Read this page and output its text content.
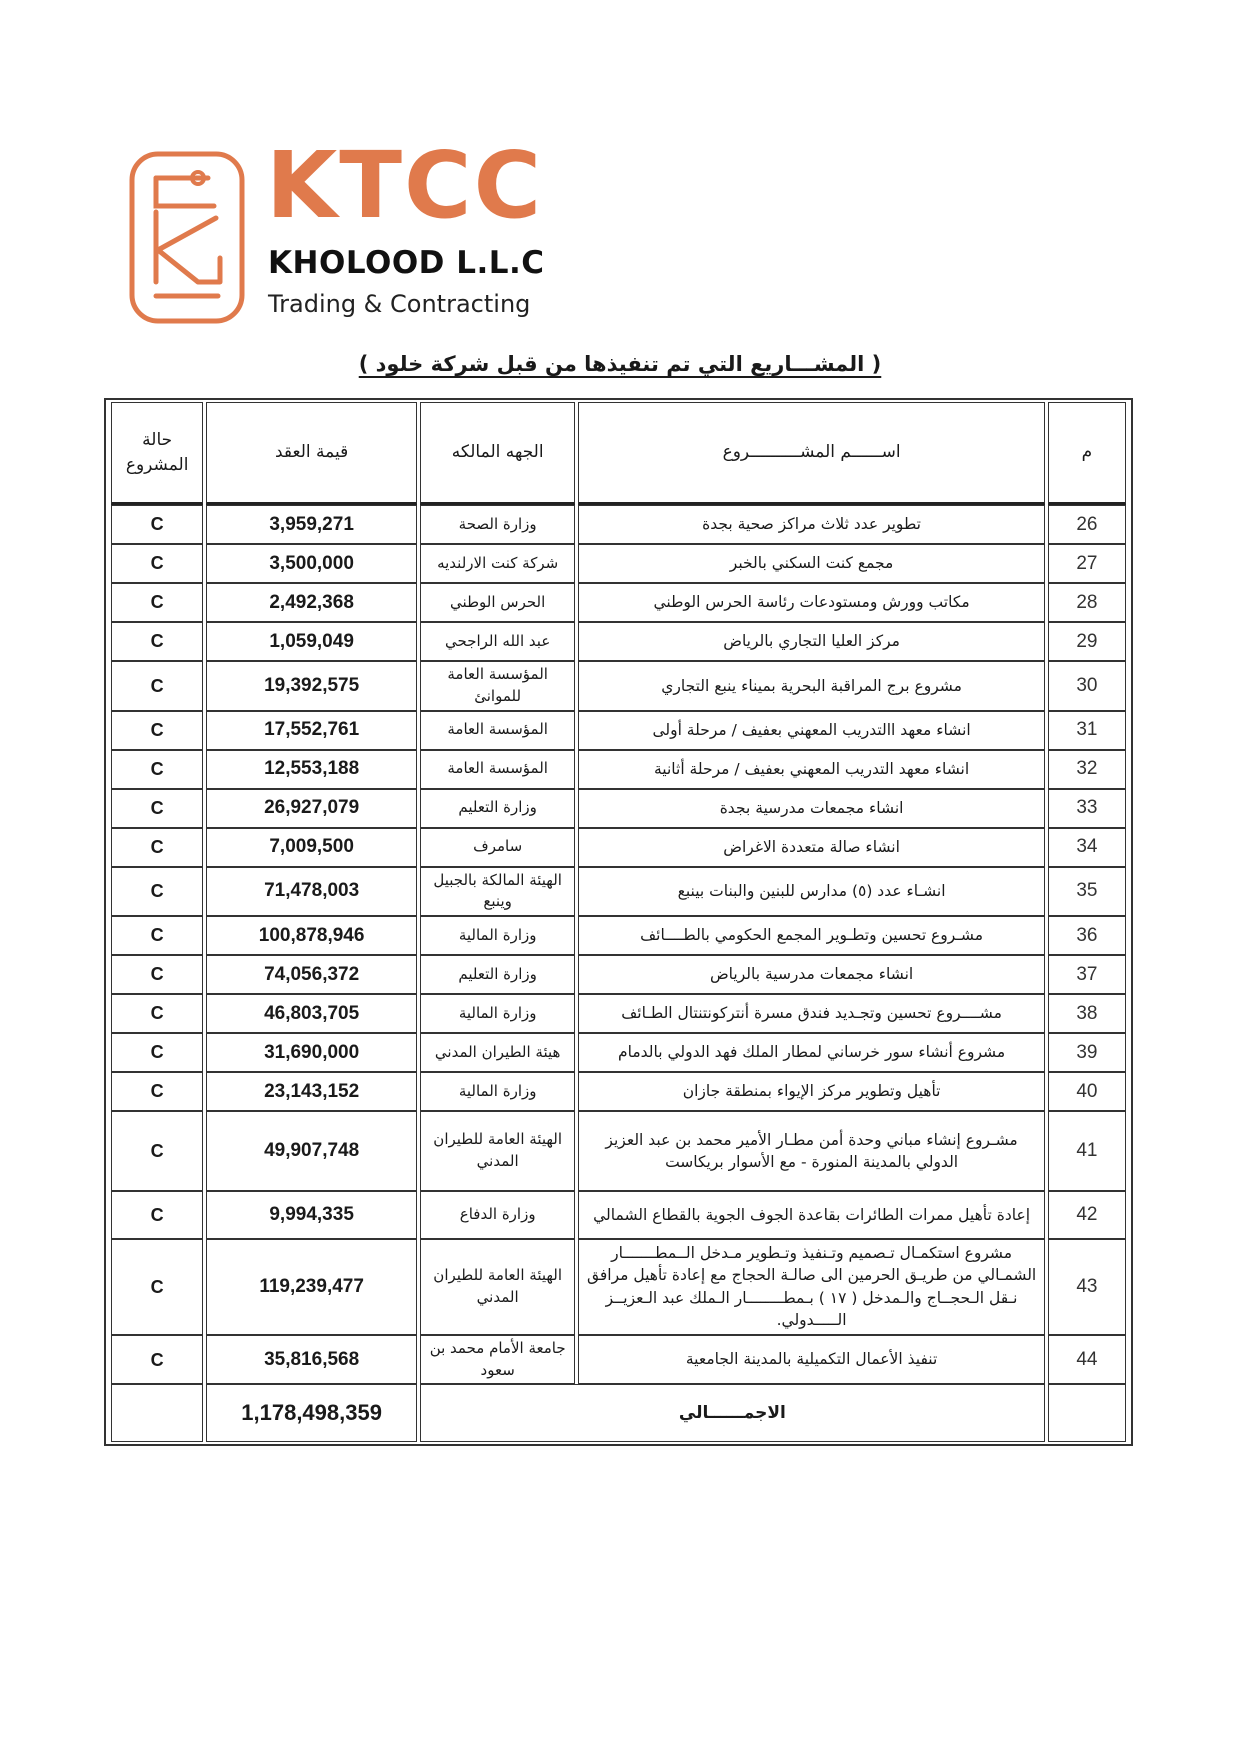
KTCC
KHOLOOD L.L.C
Trading & Contracting
( المشـــاريع التي تم تنفيذها من قبل شركة خلود )
م	اســــــم المشــــــــــروع	الجهه المالكه	قيمة العقد	حالة المشروع
26	تطوير عدد ثلاث مراكز صحية بجدة	وزارة الصحة	3,959,271	C
27	مجمع كنت السكني بالخبر	شركة كنت الارلنديه	3,500,000	C
28	مكاتب وورش ومستودعات رئاسة الحرس الوطني	الحرس الوطني	2,492,368	C
29	مركز العليا التجاري بالرياض	عبد الله الراجحي	1,059,049	C
30	مشروع برج المراقبة البحرية بميناء ينبع التجاري	المؤسسة العامة للموانئ	19,392,575	C
31	انشاء معهد االتدريب المعهني بعفيف / مرحلة أولى	المؤسسة العامة	17,552,761	C
32	انشاء معهد التدريب المعهني بعفيف / مرحلة أثانية	المؤسسة العامة	12,553,188	C
33	انشاء مجمعات مدرسية بجدة	وزارة التعليم	26,927,079	C
34	انشاء صالة متعددة الاغراض	سامرف	7,009,500	C
35	انشـاء عدد (٥) مدارس للبنين والبنات بينبع	الهيئة المالكة بالجبيل وينبع	71,478,003	C
36	مشـروع تحسين وتطـوير المجمع الحكومي بالطــــائف	وزارة المالية	100,878,946	C
37	انشاء مجمعات مدرسية بالرياض	وزارة التعليم	74,056,372	C
38	مشــــروع تحسين وتجـديد فندق مسرة أنتركونتنتال الطـائف	وزارة المالية	46,803,705	C
39	مشروع أنشاء سور خرساني لمطار الملك فهد الدولي بالدمام	هيئة الطيران المدني	31,690,000	C
40	تأهيل وتطوير مركز الإيواء بمنطقة جازان	وزارة المالية	23,143,152	C
41	مشـروع إنشاء مباني وحدة أمن مطـار الأمير محمد بن عبد العزيز الدولي بالمدينة المنورة - مع الأسوار بريكاست	الهيئة العامة للطيران المدني	49,907,748	C
42	إعادة تأهيل ممرات الطائرات بقاعدة الجوف الجوية بالقطاع الشمالي	وزارة الدفاع	9,994,335	C
43	مشروع استكمـال تـصميم وتـنفيذ وتـطوير مـدخل الــمطـــــــار الشمـالي من طريـق الحرمين الى صالـة الحجاج مع إعادة تأهيل مرافق نـقل الـحجــاج والـمدخل ( ١٧ ) بـمطــــــــار الـملك عبد الـعزيــز الـــــدولي.	الهيئة العامة للطيران المدني	119,239,477	C
44	تنفيذ الأعمال التكميلية بالمدينة الجامعية	جامعة الأمام محمد بن سعود	35,816,568	C
	الاجمــــــالي		1,178,498,359	
